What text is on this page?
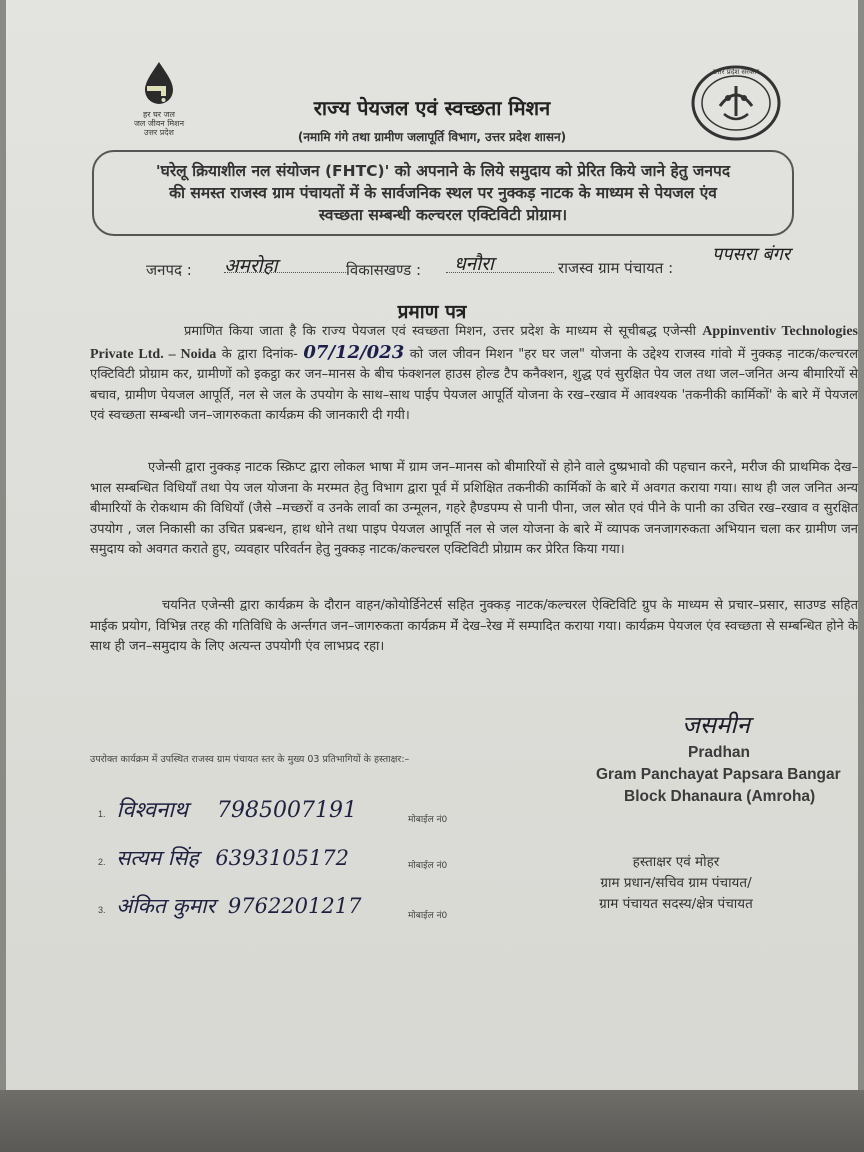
हर घर जल
जल जीवन मिशन
उत्तर प्रदेश
उत्तर प्रदेश सरकार
राज्य पेयजल एवं स्वच्छता मिशन
(नमामि गंगे तथा ग्रामीण जलापूर्ति विभाग, उत्तर प्रदेश शासन)
'घरेलू क्रियाशील नल संयोजन (FHTC)' को अपनाने के लिये समुदाय को प्रेरित किये जाने हेतु जनपद
की समस्त राजस्व ग्राम पंचायतों में के सार्वजनिक स्थल पर नुक्कड़ नाटक के माध्यम से पेयजल एंव
स्वच्छता सम्बन्धी कल्चरल एक्टिविटी प्रोग्राम।
जनपद : अमरोहा	विकासखण्ड : धनौरा	राजस्व ग्राम पंचायत :
पपसरा बंगर
प्रमाण पत्र
प्रमाणित किया जाता है कि राज्य पेयजल एवं स्वच्छता मिशन, उत्तर प्रदेश के माध्यम से सूचीबद्ध एजेन्सी Appinventiv Technologies Private Ltd. – Noida के द्वारा दिनांक- 07/12/023 को जल जीवन मिशन "हर घर जल" योजना के उद्देश्य राजस्व गांवो में नुक्कड़ नाटक/कल्चरल एक्टिविटी प्रोग्राम कर, ग्रामीणों को इकट्ठा कर जन–मानस के बीच फंक्शनल हाउस होल्ड टैप कनैक्शन, शुद्ध एवं सुरक्षित पेय जल तथा जल–जनित अन्य बीमारियों से बचाव, ग्रामीण पेयजल आपूर्ति, नल से जल के उपयोग के साथ–साथ पाईप पेयजल आपूर्ति योजना के रख–रखाव में आवश्यक 'तकनीकी कार्मिकों' के बारे में पेयजल एवं स्वच्छता सम्बन्धी जन–जागरुकता कार्यक्रम की जानकारी दी गयी।
एजेन्सी द्वारा नुक्कड़ नाटक स्क्रिप्ट द्वारा लोकल भाषा में ग्राम जन–मानस को बीमारियों से होने वाले दुष्प्रभावो की पहचान करने, मरीज की प्राथमिक देख–भाल सम्बन्धित विधियाँ तथा पेय जल योजना के मरम्मत हेतु विभाग द्वारा पूर्व में प्रशिक्षित तकनीकी कार्मिकों के बारे में अवगत कराया गया। साथ ही जल जनित अन्य बीमारियों के रोकथाम की विधियाँ (जैसे –मच्छरों व उनके लार्वा का उन्मूलन, गहरे हैण्डपम्प से पानी पीना, जल स्रोत एवं पीने के पानी का उचित रख–रखाव व सुरक्षित उपयोग , जल निकासी का उचित प्रबन्धन, हाथ धोने तथा पाइप पेयजल आपूर्ति नल से जल योजना के बारे में व्यापक जनजागरुकता अभियान चला कर ग्रामीण जन समुदाय को अवगत कराते हुए, व्यवहार परिवर्तन हेतु नुक्कड़ नाटक/कल्चरल एक्टिविटी प्रोग्राम कर प्रेरित किया गया।
चयनित एजेन्सी द्वारा कार्यक्रम के दौरान वाहन/कोयोर्डिनेटर्स सहित नुक्कड़ नाटक/कल्चरल ऐक्टिविटि ग्रुप के माध्यम से प्रचार–प्रसार, साउण्ड सहित माईक प्रयोग, विभिन्न तरह की गतिविधि के अर्न्तगत जन–जागरुकता कार्यक्रम मेंं देख–रेख में सम्पादित कराया गया। कार्यक्रम पेयजल एंव स्वच्छता से सम्बन्धित होने के साथ ही जन–समुदाय के लिए अत्यन्त उपयोगी एंव लाभप्रद रहा।
जसमीन
Pradhan
Gram Panchayat Papsara Bangar
Block Dhanaura (Amroha)
उपरोक्त कार्यक्रम में उपस्थित राजस्व ग्राम पंचायत स्तर के मुख्य 03 प्रतिभागियों के हस्ताक्षर:–
1. विश्वनाथ 7985007191	मोबाईल नं0
2. सत्यम सिंह 6393105172	मोबाईल नं0
3. अंकित कुमार 9762201217	मोबाईल नं0
हस्ताक्षर एवं मोहर
ग्राम प्रधान/सचिव ग्राम पंचायत/
ग्राम पंचायत सदस्य/क्षेत्र पंचायत
